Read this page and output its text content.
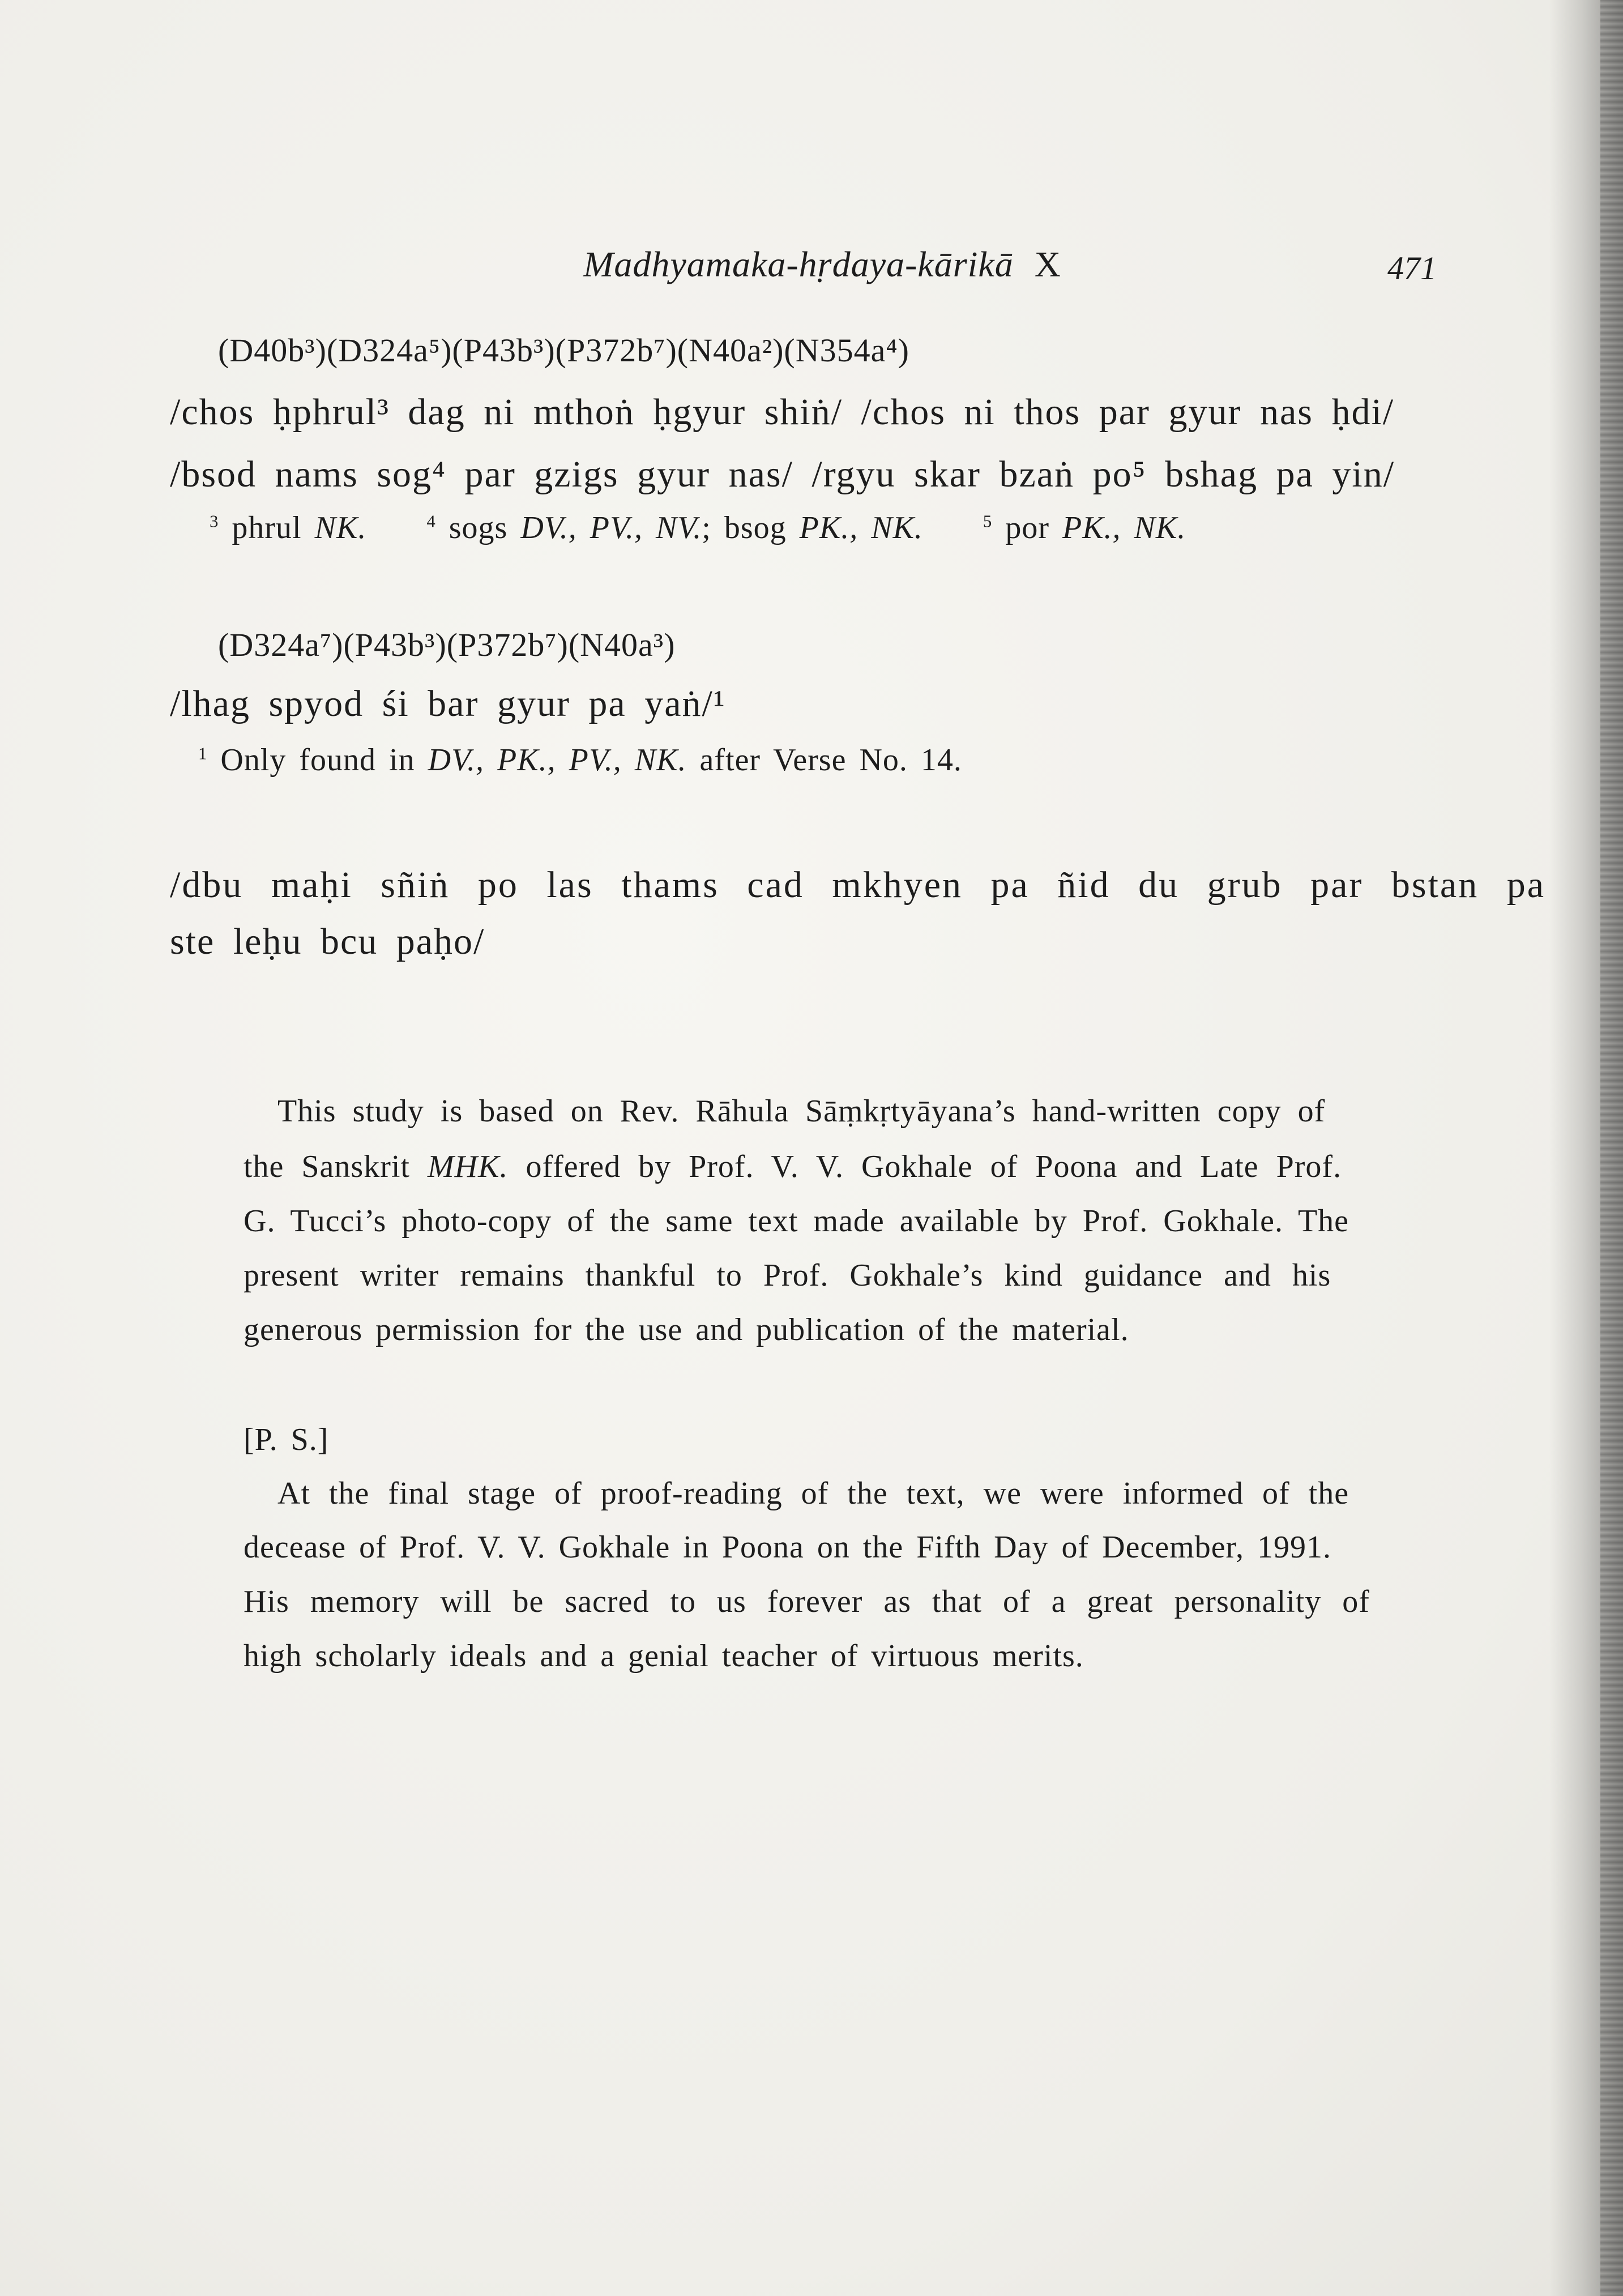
Madhyamaka-hṛdaya-kārikā X	471
(D40b³)(D324a⁵)(P43b³)(P372b⁷)(N40a²)(N354a⁴)
/chos ḥphrul³ dag ni mthoṅ ḥgyur shiṅ/ /chos ni thos par gyur nas ḥdi/
/bsod nams sog⁴ par gzigs gyur nas/ /rgyu skar bzaṅ po⁵ bshag pa yin/
$^3$ phrul NK.	$^4$ sogs DV., PV., NV.; bsog PK., NK.	$^5$ por PK., NK.
(D324a⁷)(P43b³)(P372b⁷)(N40a³)
/lhag spyod śi bar gyur pa yaṅ/¹
$^1$ Only found in DV., PK., PV., NK. after Verse No. 14.
/dbu maḥi sñiṅ po las thams cad mkhyen pa ñid du grub par bstan pa
ste leḥu bcu paḥo/
This study is based on Rev. Rāhula Sāṃkṛtyāyana’s hand-written copy of
the Sanskrit MHK. offered by Prof. V. V. Gokhale of Poona and Late Prof.
G. Tucci’s photo-copy of the same text made available by Prof. Gokhale. The
present writer remains thankful to Prof. Gokhale’s kind guidance and his
generous permission for the use and publication of the material.
[P. S.]
At the final stage of proof-reading of the text, we were informed of the
decease of Prof. V. V. Gokhale in Poona on the Fifth Day of December, 1991.
His memory will be sacred to us forever as that of a great personality of
high scholarly ideals and a genial teacher of virtuous merits.
